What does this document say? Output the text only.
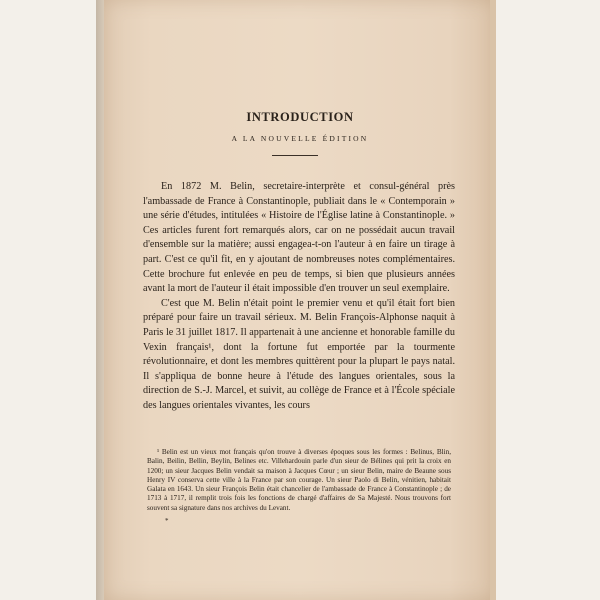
INTRODUCTION

A LA NOUVELLE ÉDITION

En 1872 M. Belin, secretaire-interprète et consul-général près l'ambassade de France à Constantinople, publiait dans le « Contemporain » une série d'études, intitulées « Histoire de l'Église latine à Constantinople. » Ces articles furent fort remarqués alors, car on ne possédait aucun travail d'ensemble sur la matière; aussi engagea-t-on l'auteur à en faire un tirage à part. C'est ce qu'il fit, en y ajoutant de nombreuses notes complémentaires. Cette brochure fut enlevée en peu de temps, si bien que plusieurs années avant la mort de l'auteur il était impossible d'en trouver un seul exemplaire.

C'est que M. Belin n'était point le premier venu et qu'il était fort bien préparé pour faire un travail sérieux. M. Belin François-Alphonse naquit à Paris le 31 juillet 1817. Il appartenait à une ancienne et honorable famille du Vexin français¹, dont la fortune fut emportée par la tourmente révolutionnaire, et dont les membres quittèrent pour la plupart le pays natal. Il s'appliqua de bonne heure à l'étude des langues orientales, sous la direction de S.-J. Marcel, et suivit, au collège de France et à l'École spéciale des langues orientales vivantes, les cours

¹ Belin est un vieux mot français qu'on trouve à diverses époques sous les formes : Belinus, Blin, Balin, Beilin, Bellin, Beylin, Belines etc. Villehardouin parle d'un sieur de Bélines qui prit la croix en 1200; un sieur Jacques Belin vendait sa maison à Jacques Cœur ; un sieur Belin, maire de Beaune sous Henry IV conserva cette ville à la France par son courage. Un sieur Paolo di Belin, vénitien, habitait Galata en 1643. Un sieur François Belin était chancelier de l'ambassade de France à Constantinople ; de 1713 à 1717, il remplit trois fois les fonctions de chargé d'affaires de Sa Majesté. Nous trouvons fort souvent sa signature dans nos archives du Levant.

*
